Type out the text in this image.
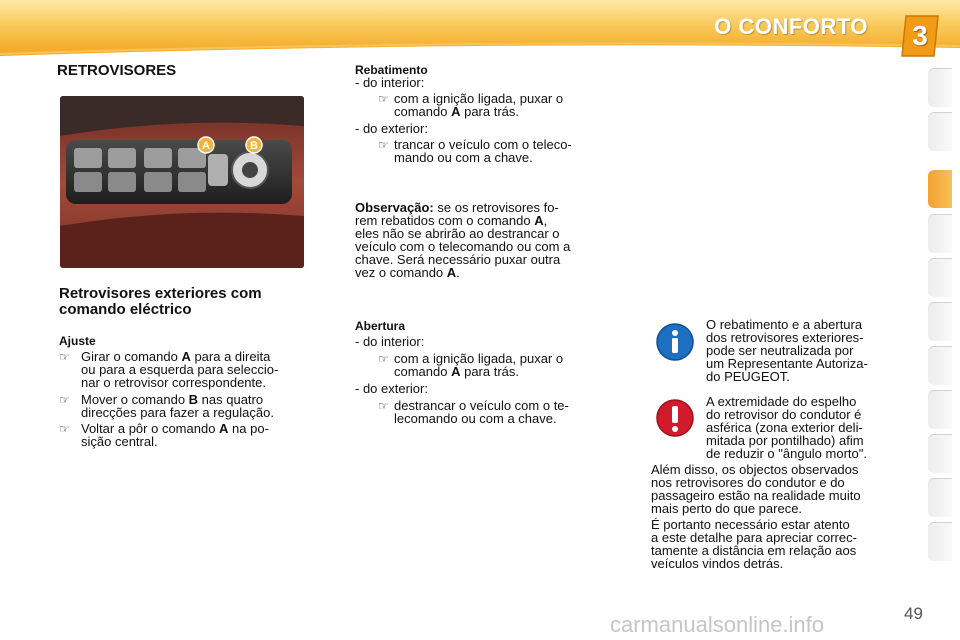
O CONFORTO	3
RETROVISORES
A	B
Retrovisores exteriores com
comando eléctrico
Ajuste
☞ Girar o comando A para a direita
ou para a esquerda para seleccio-
nar o retrovisor correspondente.
☞ Mover o comando B nas quatro
direcções para fazer a regulação.
☞ Voltar a pôr o comando A na po-
sição central.
Rebatimento
- do interior:
☞ com a ignição ligada, puxar o
comando A para trás.
- do exterior:
☞ trancar o veículo com o teleco-
mando ou com a chave.
Observação: se os retrovisores fo-
rem rebatidos com o comando A,
eles não se abrirão ao destrancar o
veículo com o telecomando ou com a
chave. Será necessário puxar outra
vez o comando A.
Abertura
- do interior:
☞ com a ignição ligada, puxar o
comando A para trás.
- do exterior:
☞ destrancar o veículo com o te-
lecomando ou com a chave.
O rebatimento e a abertura
dos retrovisores exteriores-
pode ser neutralizada por
um Representante Autoriza-
do PEUGEOT.
A extremidade do espelho
do retrovisor do condutor é
asférica (zona exterior deli-
mitada por pontilhado) afim
de reduzir o "ângulo morto".
Além disso, os objectos observados
nos retrovisores do condutor e do
passageiro estão na realidade muito
mais perto do que parece.
É portanto necessário estar atento
a este detalhe para apreciar correc-
tamente a distância em relação aos
veículos vindos detrás.
49
carmanualsonline.info
